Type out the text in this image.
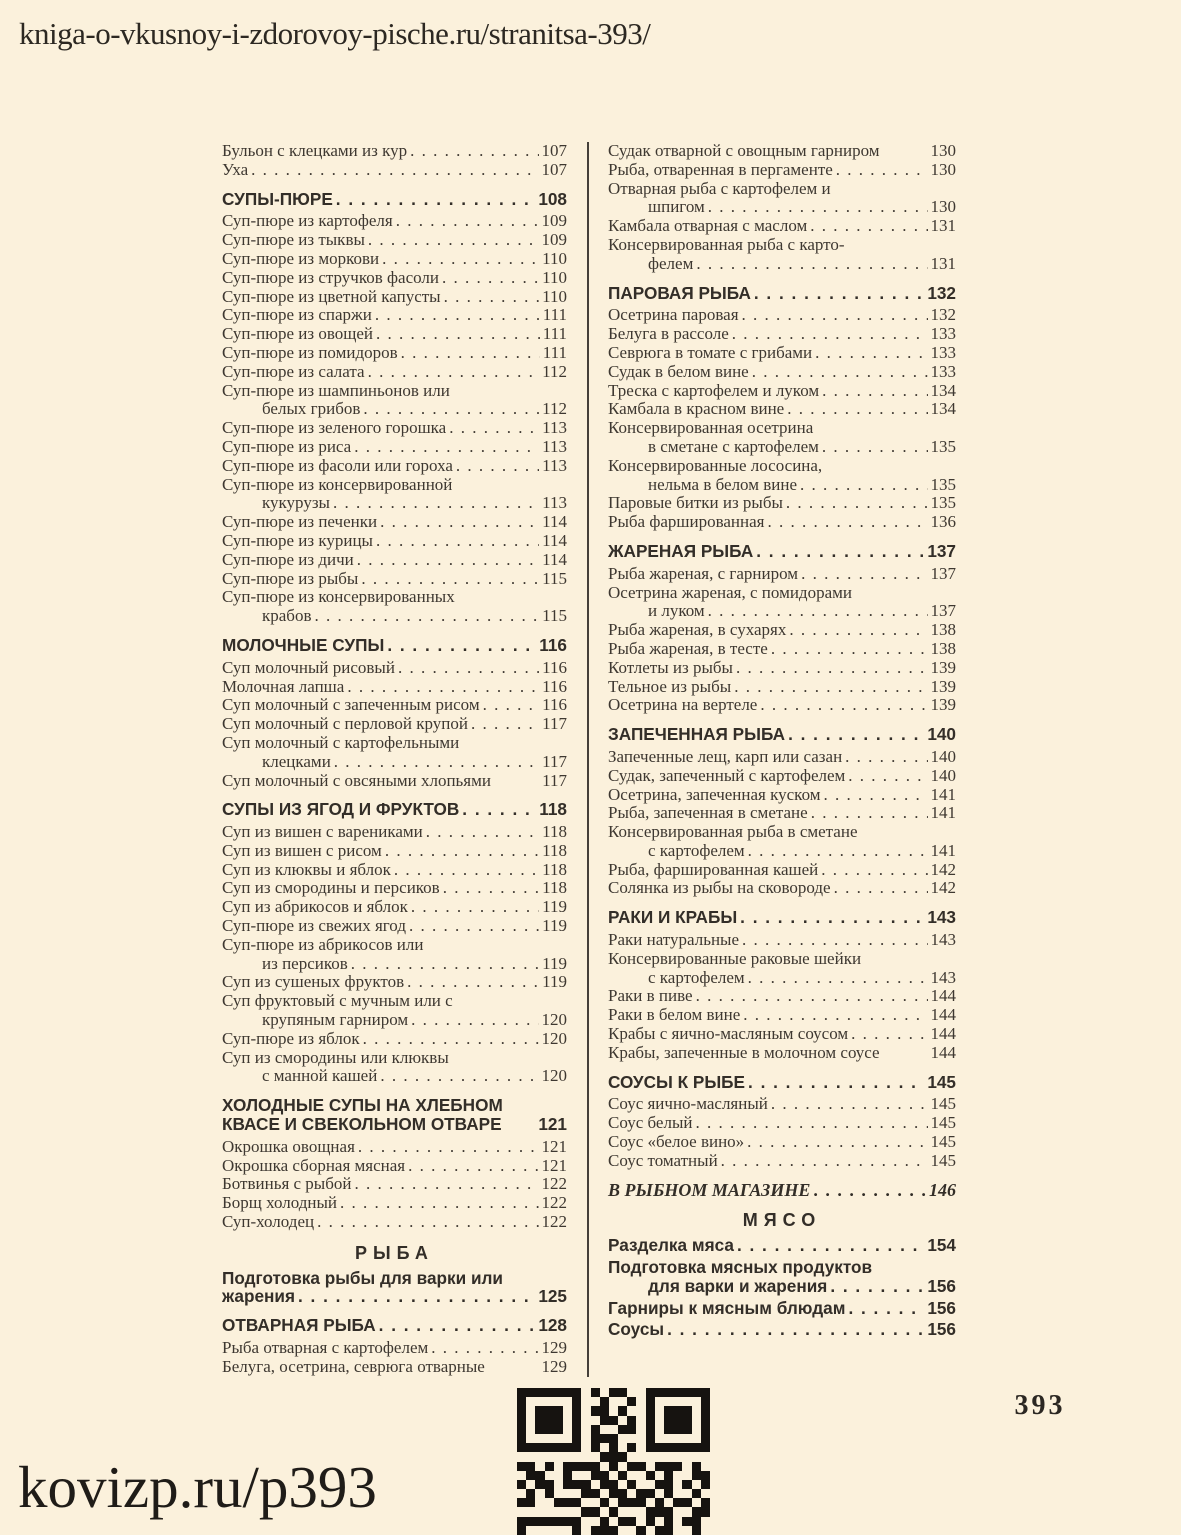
kniga-o-vkusnoy-i-zdorovoy-pische.ru/stranitsa-393/
Бульон с клецками из кур . . .	107
Уха . . .	107
СУПЫ-ПЮРЕ . . .	108
Суп-пюре из картофеля . . .	109
Суп-пюре из тыквы . . .	109
Суп-пюре из моркови . . .	110
Суп-пюре из стручков фасоли . . .	110
Суп-пюре из цветной капусты . . .	110
Суп-пюре из спаржи . . .	111
Суп-пюре из овощей . . .	111
Суп-пюре из помидоров . . .	111
Суп-пюре из салата . . .	112
Суп-пюре из шампиньонов или
белых грибов . . .	112
Суп-пюре из зеленого горошка . . .	113
Суп-пюре из риса . . .	113
Суп-пюре из фасоли или гороха . . .	113
Суп-пюре из консервированной
кукурузы . . .	113
Суп-пюре из печенки . . .	114
Суп-пюре из курицы . . .	114
Суп-пюре из дичи . . .	114
Суп-пюре из рыбы . . .	115
Суп-пюре из консервированных
крабов . . .	115
МОЛОЧНЫЕ СУПЫ . . .	116
Суп молочный рисовый . . .	116
Молочная лапша . . .	116
Суп молочный с запеченным рисом . . .	116
Суп молочный с перловой крупой . . .	117
Суп молочный с картофельными
клецками . . .	117
Суп молочный с овсяными хлопьями	117
СУПЫ ИЗ ЯГОД И ФРУКТОВ . . .	118
Суп из вишен с варениками . . .	118
Суп из вишен с рисом . . .	118
Суп из клюквы и яблок . . .	118
Суп из смородины и персиков . . .	118
Суп из абрикосов и яблок . . .	119
Суп-пюре из свежих ягод . . .	119
Суп-пюре из абрикосов или
из персиков . . .	119
Суп из сушеных фруктов . . .	119
Суп фруктовый с мучным или с
крупяным гарниром . . .	120
Суп-пюре из яблок . . .	120
Суп из смородины или клюквы
с манной кашей . . .	120
ХОЛОДНЫЕ СУПЫ НА ХЛЕБНОМ
КВАСЕ И СВЕКОЛЬНОМ ОТВАРЕ 121
Окрошка овощная . . .	121
Окрошка сборная мясная . . .	121
Ботвинья с рыбой . . .	122
Борщ холодный . . .	122
Суп-холодец . . .	122
РЫБА
Подготовка рыбы для варки или
жарения . . .	125
ОТВАРНАЯ РЫБА . . .	128
Рыба отварная с картофелем . . .	129
Белуга, осетрина, севрюга отварные	129
Судак отварной с овощным гарниром	130
Рыба, отваренная в пергаменте . . .	130
Отварная рыба с картофелем и
шпигом . . .	130
Камбала отварная с маслом . . .	131
Консервированная рыба с карто-
фелем . . .	131
ПАРОВАЯ РЫБА . . .	132
Осетрина паровая . . .	132
Белуга в рассоле . . .	133
Севрюга в томате с грибами . . .	133
Судак в белом вине . . .	133
Треска с картофелем и луком . . .	134
Камбала в красном вине . . .	134
Консервированная осетрина
в сметане с картофелем . . .	135
Консервированные лососина,
нельма в белом вине . . .	135
Паровые битки из рыбы . . .	135
Рыба фаршированная . . .	136
ЖАРЕНАЯ РЫБА . . .	137
Рыба жареная, с гарниром . . .	137
Осетрина жареная, с помидорами
и луком . . .	137
Рыба жареная, в сухарях . . .	138
Рыба жареная, в тесте . . .	138
Котлеты из рыбы . . .	139
Тельное из рыбы . . .	139
Осетрина на вертеле . . .	139
ЗАПЕЧЕННАЯ РЫБА . . .	140
Запеченные лещ, карп или сазан . . .	140
Судак, запеченный с картофелем . . .	140
Осетрина, запеченная куском . . .	141
Рыба, запеченная в сметане . . .	141
Консервированная рыба в сметане
с картофелем . . .	141
Рыба, фаршированная кашей . . .	142
Солянка из рыбы на сковороде . . .	142
РАКИ И КРАБЫ . . .	143
Раки натуральные . . .	143
Консервированные раковые шейки
с картофелем . . .	143
Раки в пиве . . .	144
Раки в белом вине . . .	144
Крабы с яично-масляным соусом . . .	144
Крабы, запеченные в молочном соусе	144
СОУСЫ К РЫБЕ . . .	145
Соус яично-масляный . . .	145
Соус белый . . .	145
Соус «белое вино» . . .	145
Соус томатный . . .	145
В РЫБНОМ МАГАЗИНЕ . . .	146
МЯСО
Разделка мяса . . .	154
Подготовка мясных продуктов
для варки и жарения . . .	156
Гарниры к мясным блюдам . . .	156
Соусы . . .	156
393
kovizp.ru/p393
